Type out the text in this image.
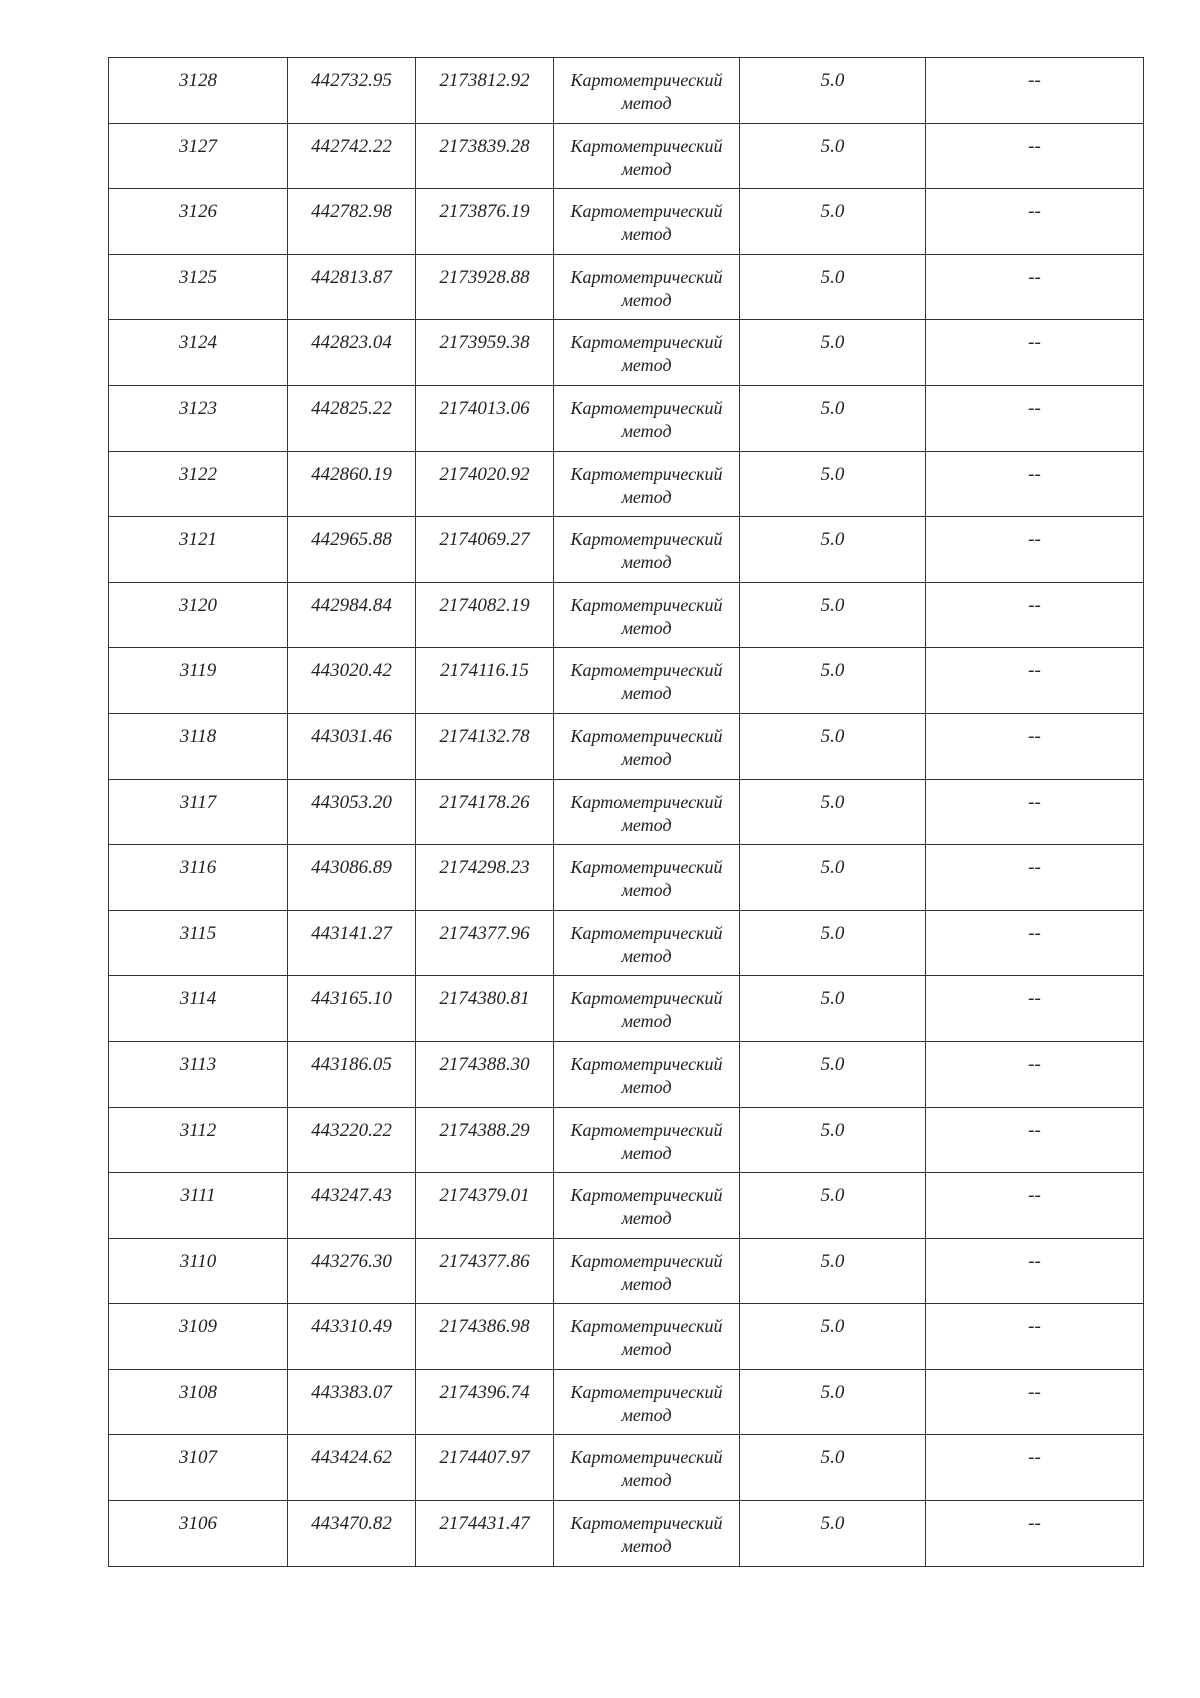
3128	442732.95	2173812.92	Картометрический
метод	5.0	--

3127	442742.22	2173839.28	Картометрический
метод	5.0	--

3126	442782.98	2173876.19	Картометрический
метод	5.0	--

3125	442813.87	2173928.88	Картометрический
метод	5.0	--

3124	442823.04	2173959.38	Картометрический
метод	5.0	--

3123	442825.22	2174013.06	Картометрический
метод	5.0	--

3122	442860.19	2174020.92	Картометрический
метод	5.0	--

3121	442965.88	2174069.27	Картометрический
метод	5.0	--

3120	442984.84	2174082.19	Картометрический
метод	5.0	--

3119	443020.42	2174116.15	Картометрический
метод	5.0	--

3118	443031.46	2174132.78	Картометрический
метод	5.0	--

3117	443053.20	2174178.26	Картометрический
метод	5.0	--

3116	443086.89	2174298.23	Картометрический
метод	5.0	--

3115	443141.27	2174377.96	Картометрический
метод	5.0	--

3114	443165.10	2174380.81	Картометрический
метод	5.0	--

3113	443186.05	2174388.30	Картометрический
метод	5.0	--

3112	443220.22	2174388.29	Картометрический
метод	5.0	--

3111	443247.43	2174379.01	Картометрический
метод	5.0	--

3110	443276.30	2174377.86	Картометрический
метод	5.0	--

3109	443310.49	2174386.98	Картометрический
метод	5.0	--

3108	443383.07	2174396.74	Картометрический
метод	5.0	--

3107	443424.62	2174407.97	Картометрический
метод	5.0	--

3106	443470.82	2174431.47	Картометрический
метод	5.0	--
